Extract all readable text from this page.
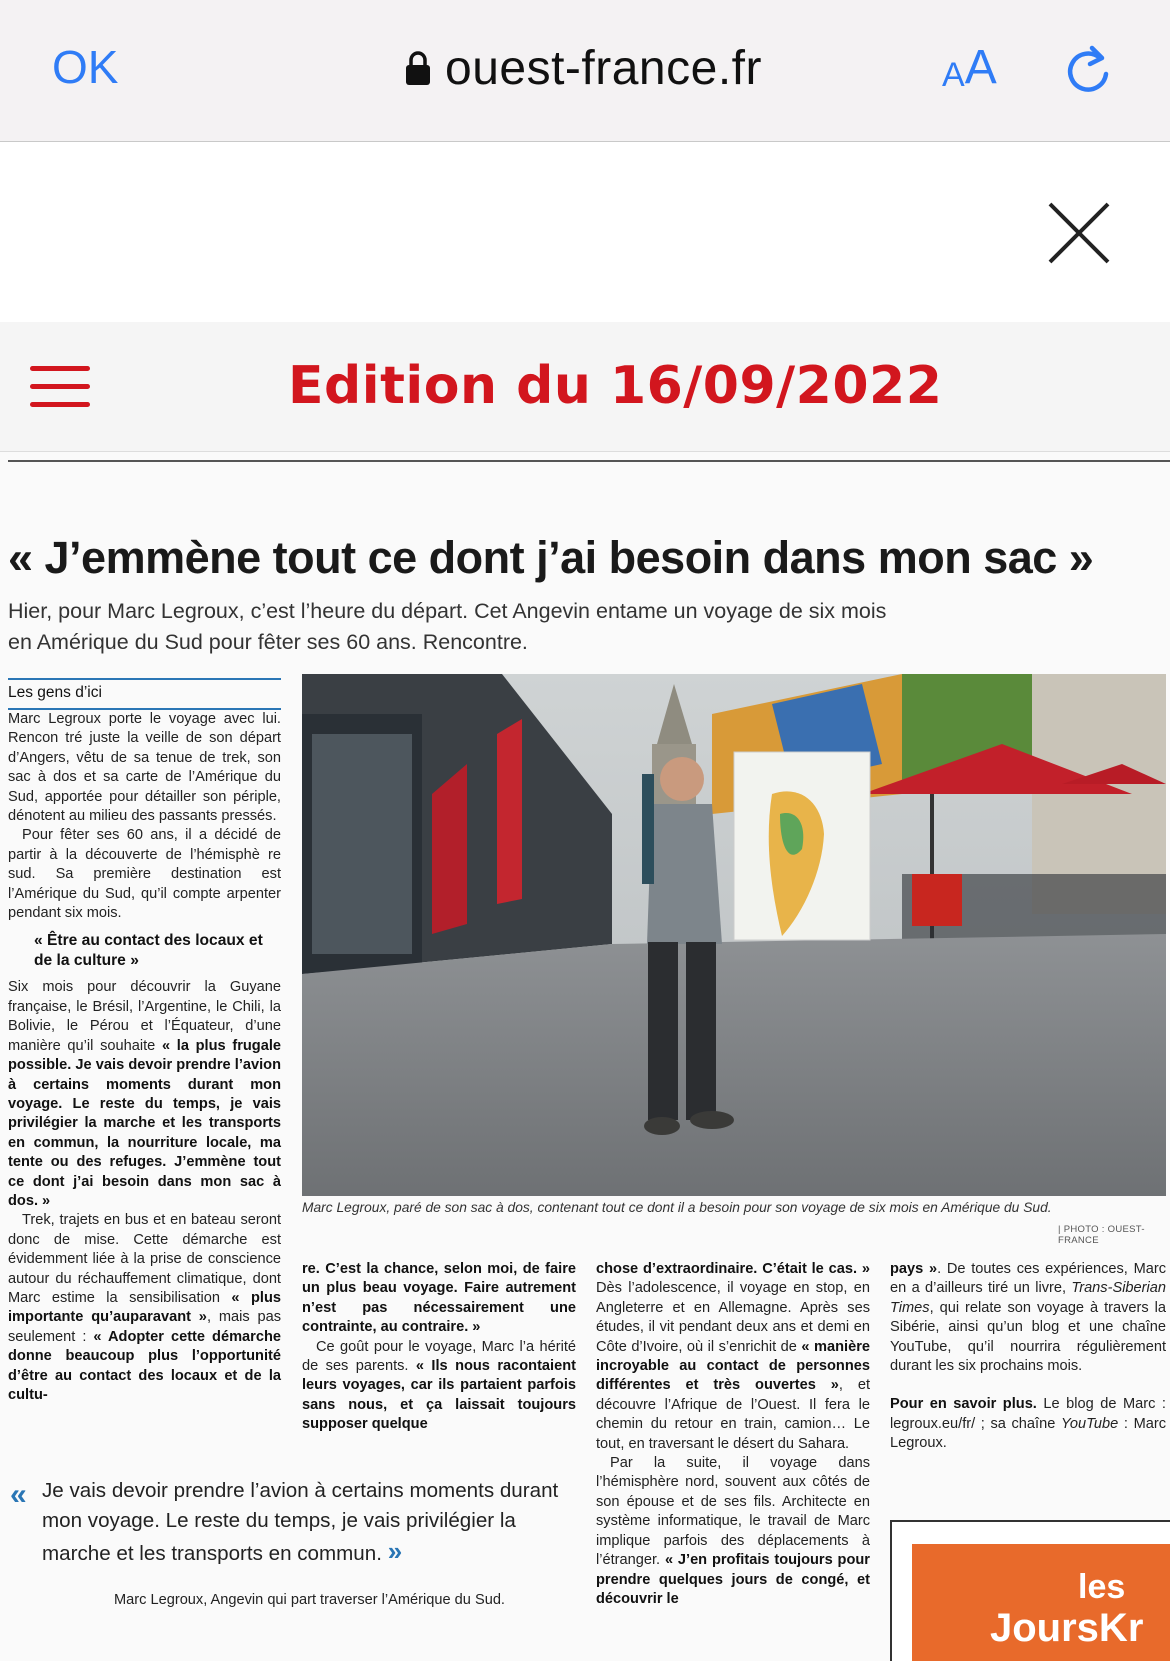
OK	ouest-france.fr	A A
Edition du 16/09/2022
« J’emmène tout ce dont j’ai besoin dans mon sac »
Hier, pour Marc Legroux, c’est l’heure du départ. Cet Angevin entame un voyage de six mois
en Amérique du Sud pour fêter ses 60 ans. Rencontre.
Les gens d’ici

Marc Legroux porte le voyage avec lui. Rencon tré juste la veille de son départ d’Angers, vêtu de sa tenue de trek, son sac à dos et sa carte de l’Amérique du Sud, apportée pour détailler son périple, dénotent au milieu des passants pressés.

Pour fêter ses 60 ans, il a décidé de partir à la découverte de l’hémisphè re sud. Sa première destination est l’Amérique du Sud, qu’il compte arpenter pendant six mois.

« Être au contact des locaux et de la culture »

Six mois pour découvrir la Guyane française, le Brésil, l’Argentine, le Chili, la Bolivie, le Pérou et l’Équateur, d’une manière qu’il souhaite « la plus frugale possible. Je vais devoir prendre l’avion à certains moments durant mon voyage. Le reste du temps, je vais privilégier la marche et les transports en commun, la nourriture locale, ma tente ou des refuges. J’emmène tout ce dont j’ai besoin dans mon sac à dos. »

Trek, trajets en bus et en bateau seront donc de mise. Cette démarche est évidemment liée à la prise de conscience autour du réchauffement climatique, dont Marc estime la sensibilisation « plus importante qu’auparavant », mais pas seulement : « Adopter cette démarche donne beaucoup plus l’opportunité d’être au contact des locaux et de la cultu-

Marc Legroux, paré de son sac à dos, contenant tout ce dont il a besoin pour son voyage de six mois en Amérique du Sud.
| PHOTO : OUEST-FRANCE

re. C’est la chance, selon moi, de faire un plus beau voyage. Faire autrement n’est pas nécessairement une contrainte, au contraire. »

Ce goût pour le voyage, Marc l’a hérité de ses parents. « Ils nous racontaient leurs voyages, car ils partaient parfois sans nous, et ça laissait toujours supposer quelque

chose d’extraordinaire. C’était le cas. » Dès l’adolescence, il voyage en stop, en Angleterre et en Allemagne. Après ses études, il vit pendant deux ans et demi en Côte d’Ivoire, où il s’enrichit de « manière incroyable au contact de personnes différentes et très ouvertes », et découvre l’Afrique de l’Ouest. Il fera le chemin du retour en train, camion… Le tout, en traversant le désert du Sahara.

Par la suite, il voyage dans l’hémisphère nord, souvent aux côtés de son épouse et de ses fils. Architecte en système informatique, le travail de Marc implique parfois des déplacements à l’étranger. « J’en profitais toujours pour prendre quelques jours de congé, et découvrir le

pays ». De toutes ces expériences, Marc en a d’ailleurs tiré un livre, Trans-Siberian Times, qui relate son voyage à travers la Sibérie, ainsi qu’un blog et une chaîne YouTube, qu’il nourrira régulièrement durant les six prochains mois.

Pour en savoir plus. Le blog de Marc : legroux.eu/fr/ ; sa chaîne YouTube : Marc Legroux.

« Je vais devoir prendre l’avion à certains moments durant mon voyage. Le reste du temps, je vais privilégier la marche et les transports en commun. »
Marc Legroux, Angevin qui part traverser l’Amérique du Sud.	les
JoursKr
